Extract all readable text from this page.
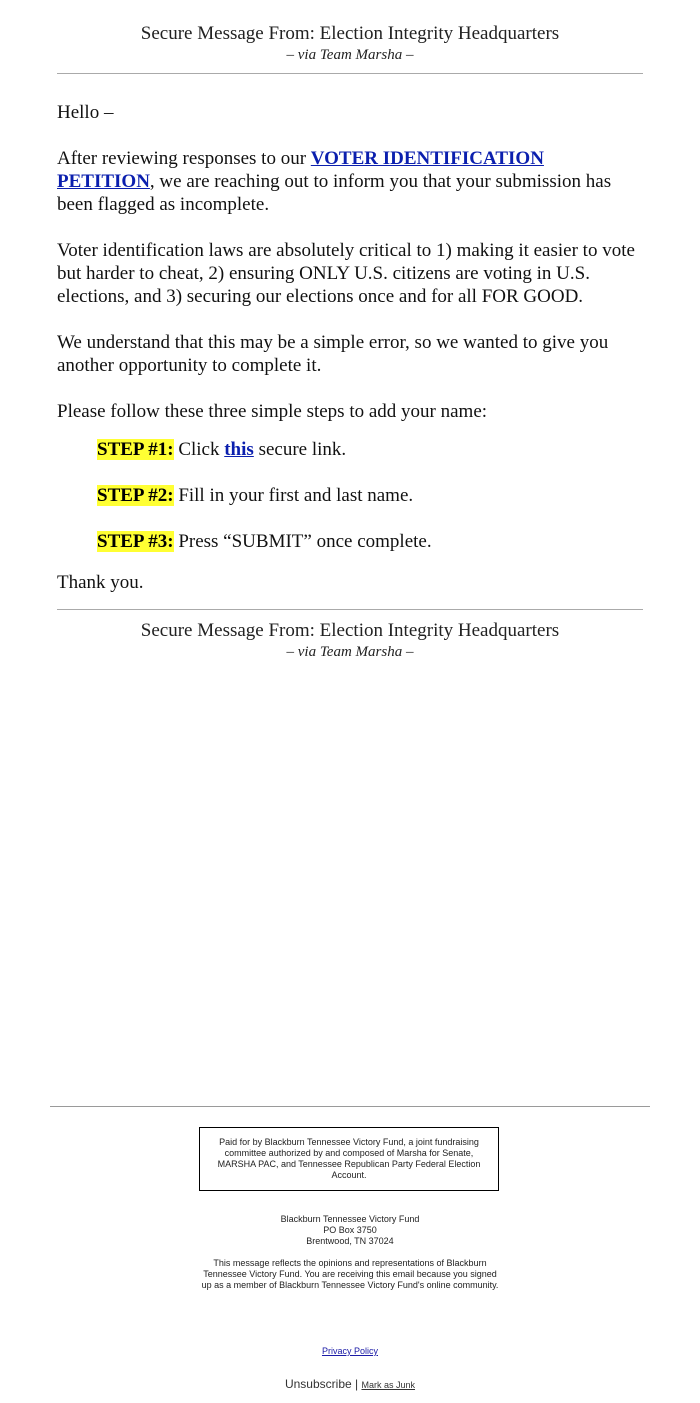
Secure Message From: Election Integrity Headquarters
– via Team Marsha –

Hello –

After reviewing responses to our VOTER IDENTIFICATION PETITION, we are reaching out to inform you that your submission has been flagged as incomplete.

Voter identification laws are absolutely critical to 1) making it easier to vote but harder to cheat, 2) ensuring ONLY U.S. citizens are voting in U.S. elections, and 3) securing our elections once and for all FOR GOOD.

We understand that this may be a simple error, so we wanted to give you another opportunity to complete it.

Please follow these three simple steps to add your name:

STEP #1: Click this secure link.
STEP #2: Fill in your first and last name.
STEP #3: Press “SUBMIT” once complete.

Thank you.

Secure Message From: Election Integrity Headquarters
– via Team Marsha –
Paid for by Blackburn Tennessee Victory Fund, a joint fundraising committee authorized by and composed of Marsha for Senate, MARSHA PAC, and Tennessee Republican Party Federal Election Account.
Blackburn Tennessee Victory Fund
PO Box 3750
Brentwood, TN 37024
This message reflects the opinions and representations of Blackburn Tennessee Victory Fund. You are receiving this email because you signed up as a member of Blackburn Tennessee Victory Fund's online community.
Privacy Policy
Unsubscribe | Mark as Junk
